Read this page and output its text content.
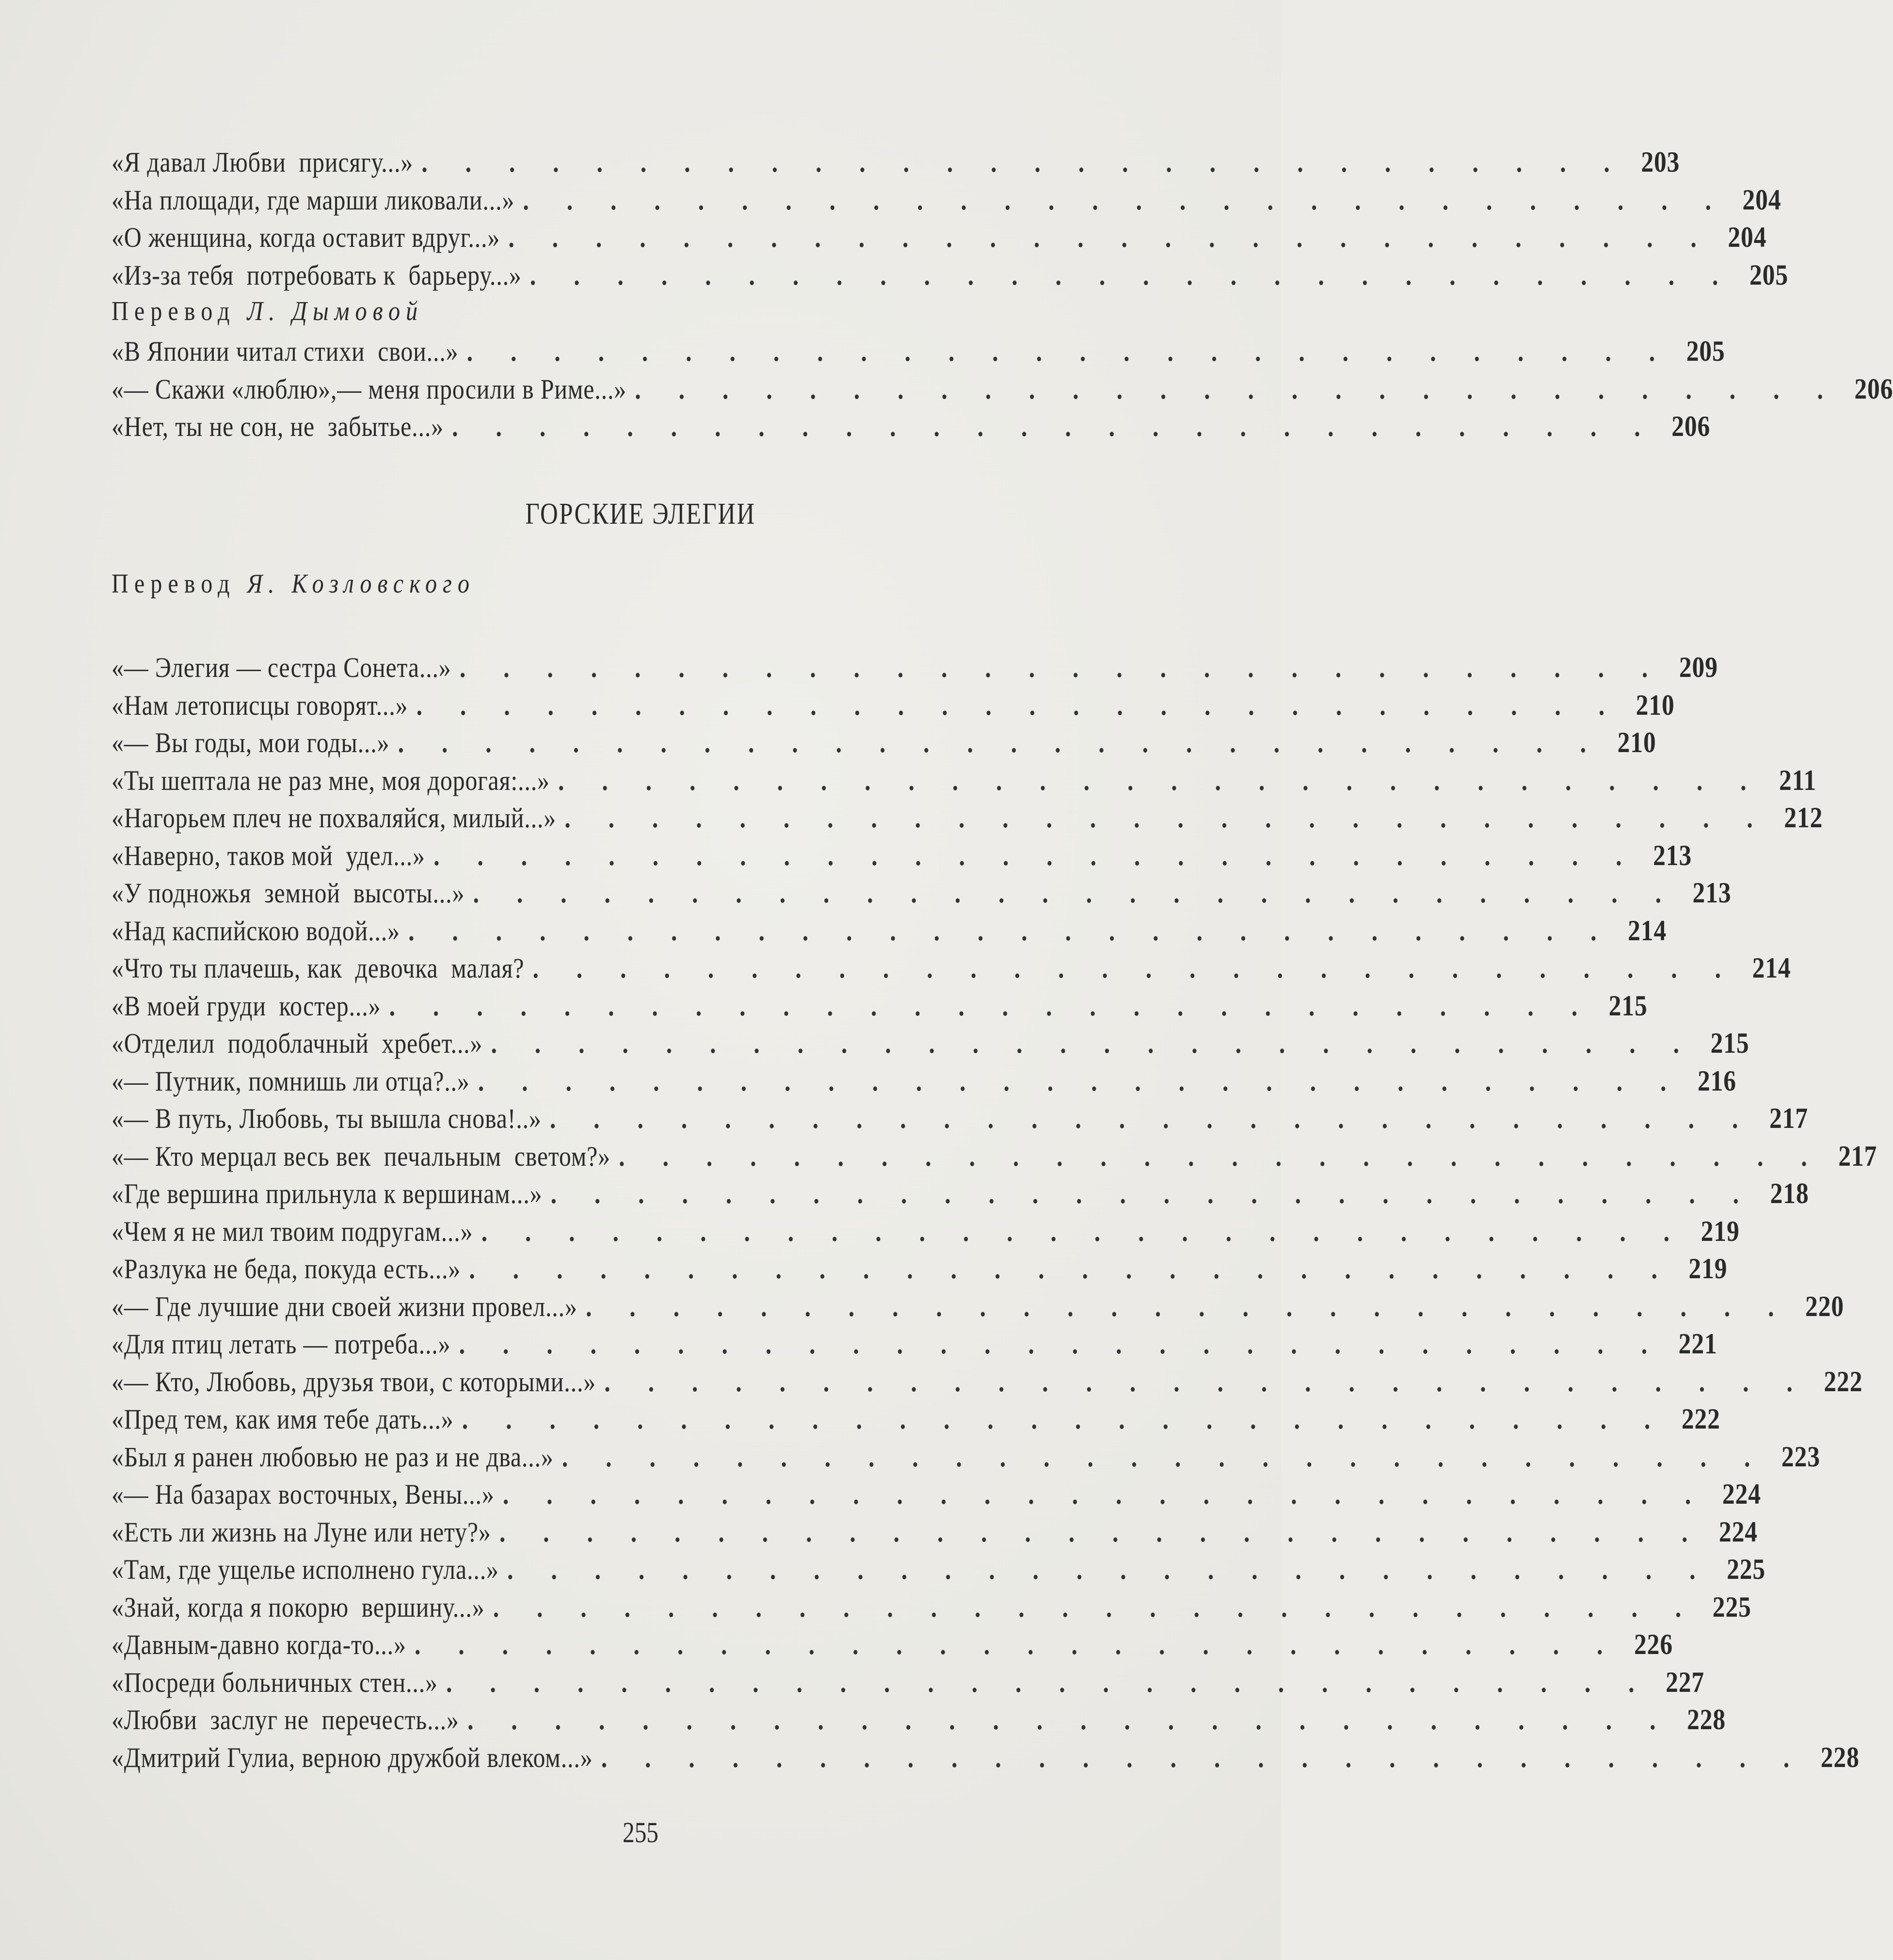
«Я давал Любви  присягу...» . . . . . . . . . . . . . . . . . . . . . . . . . . . . 203
«На площади, где марши ликовали...» . . . . . . . . . . . . . . . . . . . . . . . . . . . . 204
«О женщина, когда оставит вдруг...» . . . . . . . . . . . . . . . . . . . . . . . . . . . . 204
«Из-за тебя  потребовать к  барьеру...» . . . . . . . . . . . . . . . . . . . . . . . . . . . . 205
Перевод Л. Дымовой
«В Японии читал стихи  свои...» . . . . . . . . . . . . . . . . . . . . . . . . . . . . 205
«— Скажи «люблю»,— меня просили в Риме...» . . . . . . . . . . . . . . . . . . . . . . . . . . . . 206
«Нет, ты не сон, не  забытье...» . . . . . . . . . . . . . . . . . . . . . . . . . . . . 206
ГОРСКИЕ ЭЛЕГИИ
Перевод Я. Козловского
«— Элегия — сестра Сонета...» . . . . . . . . . . . . . . . . . . . . . . . . . . . . 209
«Нам летописцы говорят...» . . . . . . . . . . . . . . . . . . . . . . . . . . . . 210
«— Вы годы, мои годы...» . . . . . . . . . . . . . . . . . . . . . . . . . . . . 210
«Ты шептала не раз мне, моя дорогая:...» . . . . . . . . . . . . . . . . . . . . . . . . . . . . 211
«Нагорьем плеч не похваляйся, милый...» . . . . . . . . . . . . . . . . . . . . . . . . . . . . 212
«Наверно, таков мой  удел...» . . . . . . . . . . . . . . . . . . . . . . . . . . . . 213
«У подножья  земной  высоты...» . . . . . . . . . . . . . . . . . . . . . . . . . . . . 213
«Над каспийскою водой...» . . . . . . . . . . . . . . . . . . . . . . . . . . . . 214
«Что ты плачешь, как  девочка  малая? . . . . . . . . . . . . . . . . . . . . . . . . . . . . 214
«В моей груди  костер...» . . . . . . . . . . . . . . . . . . . . . . . . . . . . 215
«Отделил  подоблачный  хребет...» . . . . . . . . . . . . . . . . . . . . . . . . . . . . 215
«— Путник, помнишь ли отца?..» . . . . . . . . . . . . . . . . . . . . . . . . . . . . 216
«— В путь, Любовь, ты вышла снова!..» . . . . . . . . . . . . . . . . . . . . . . . . . . . . 217
«— Кто мерцал весь век  печальным  светом?» . . . . . . . . . . . . . . . . . . . . . . . . . . . . 217
«Где вершина прильнула к вершинам...» . . . . . . . . . . . . . . . . . . . . . . . . . . . . 218
«Чем я не мил твоим подругам...» . . . . . . . . . . . . . . . . . . . . . . . . . . . . 219
«Разлука не беда, покуда есть...» . . . . . . . . . . . . . . . . . . . . . . . . . . . . 219
«— Где лучшие дни своей жизни провел...» . . . . . . . . . . . . . . . . . . . . . . . . . . . . 220
«Для птиц летать — потреба...» . . . . . . . . . . . . . . . . . . . . . . . . . . . . 221
«— Кто, Любовь, друзья твои, с которыми...» . . . . . . . . . . . . . . . . . . . . . . . . . . . . 222
«Пред тем, как имя тебе дать...» . . . . . . . . . . . . . . . . . . . . . . . . . . . . 222
«Был я ранен любовью не раз и не два...» . . . . . . . . . . . . . . . . . . . . . . . . . . . . 223
«— На базарах восточных, Вены...» . . . . . . . . . . . . . . . . . . . . . . . . . . . . 224
«Есть ли жизнь на Луне или нету?» . . . . . . . . . . . . . . . . . . . . . . . . . . . . 224
«Там, где ущелье исполнено гула...» . . . . . . . . . . . . . . . . . . . . . . . . . . . . 225
«Знай, когда я покорю  вершину...» . . . . . . . . . . . . . . . . . . . . . . . . . . . . 225
«Давным-давно когда-то...» . . . . . . . . . . . . . . . . . . . . . . . . . . . . 226
«Посреди больничных стен...» . . . . . . . . . . . . . . . . . . . . . . . . . . . . 227
«Любви  заслуг не  перечесть...» . . . . . . . . . . . . . . . . . . . . . . . . . . . . 228
«Дмитрий Гулиа, верною дружбой влеком...» . . . . . . . . . . . . . . . . . . . . . . . . . . . . 228
255
